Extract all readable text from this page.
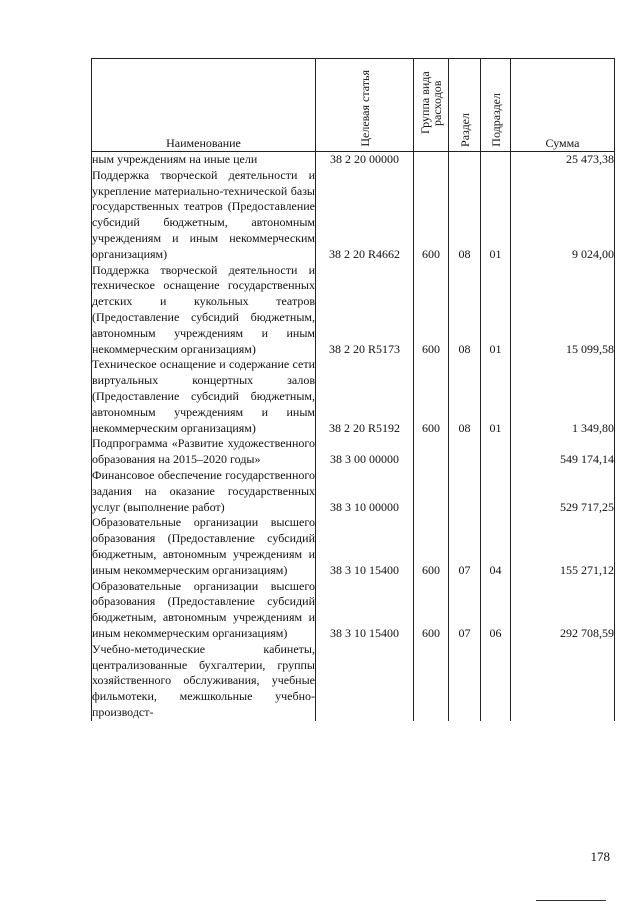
Наименование	Целевая статья	Группа вида расходов	Раздел	Подраздел	Сумма
ным учреждениям на иные цели	38 2 20 00000				25 473,38
Поддержка творческой деятельности и укрепление материально-технической базы государственных театров (Предоставление субсидий бюджетным, автономным учреждениям и иным некоммерческим организациям)	38 2 20 R4662	600	08	01	9 024,00
Поддержка творческой деятельности и техническое оснащение государственных детских и кукольных театров (Предоставление субсидий бюджетным, автономным учреждениям и иным некоммерческим организациям)	38 2 20 R5173	600	08	01	15 099,58
Техническое оснащение и содержание сети виртуальных концертных залов (Предоставление субсидий бюджетным, автономным учреждениям и иным некоммерческим организациям)	38 2 20 R5192	600	08	01	1 349,80
Подпрограмма «Развитие художественного образования на 2015–2020 годы»	38 3 00 00000				549 174,14
Финансовое обеспечение государственного задания на оказание государственных услуг (выполнение работ)	38 3 10 00000				529 717,25
Образовательные организации высшего образования (Предоставление субсидий бюджетным, автономным учреждениям и иным некоммерческим организациям)	38 3 10 15400	600	07	04	155 271,12
Образовательные организации высшего образования (Предоставление субсидий бюджетным, автономным учреждениям и иным некоммерческим организациям)	38 3 10 15400	600	07	06	292 708,59
Учебно-методические кабинеты, централизованные бухгалтерии, группы хозяйственного обслуживания, учебные фильмотеки, межшкольные учебно-производст-					
178
